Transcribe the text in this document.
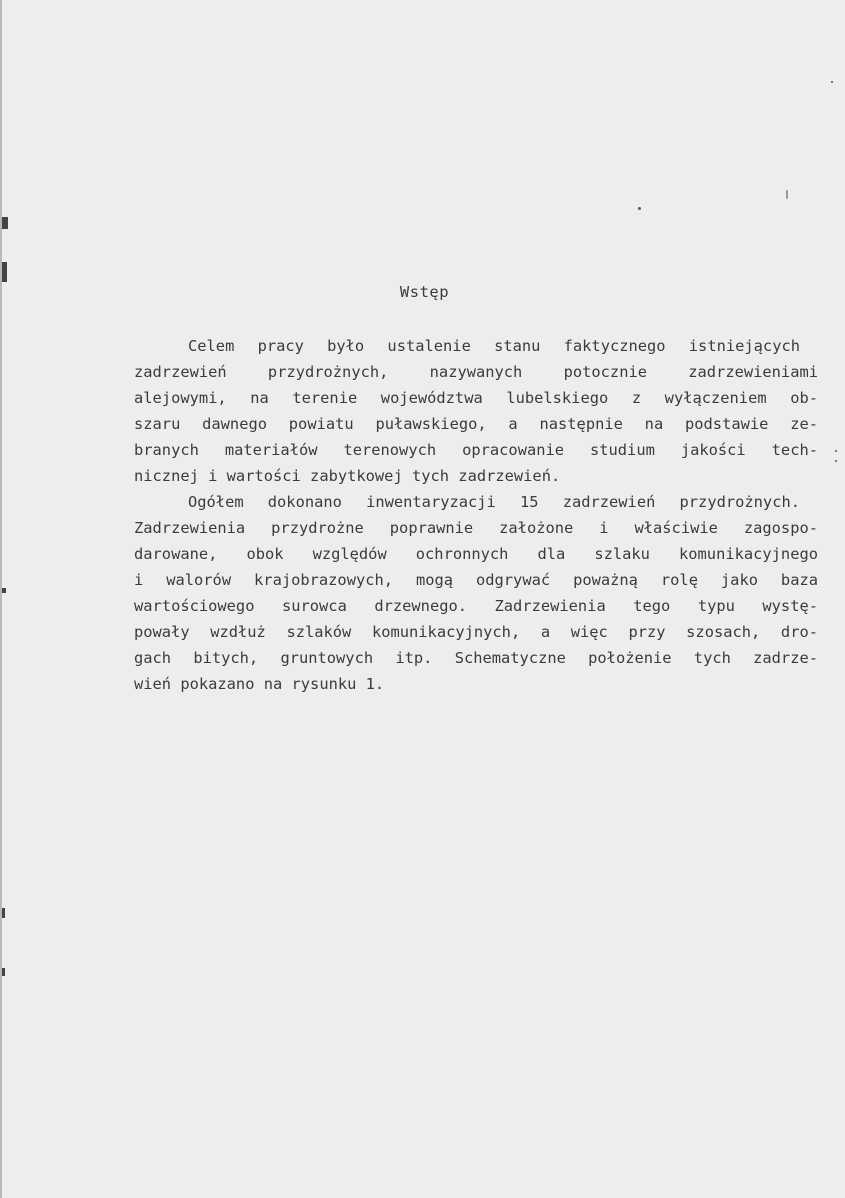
Wstęp
Celem pracy było ustalenie stanu faktycznego istniejących
zadrzewień przydrożnych, nazywanych potocznie zadrzewieniami
alejowymi, na terenie województwa lubelskiego z wyłączeniem ob-
szaru dawnego powiatu puławskiego, a następnie na podstawie ze-
branych materiałów terenowych opracowanie studium jakości tech-
nicznej i wartości zabytkowej tych zadrzewień.
Ogółem dokonano inwentaryzacji 15 zadrzewień przydrożnych.
Zadrzewienia przydrożne poprawnie założone i właściwie zagospo-
darowane, obok względów ochronnych dla szlaku komunikacyjnego
i walorów krajobrazowych, mogą odgrywać poważną rolę jako baza
wartościowego surowca drzewnego. Zadrzewienia tego typu wystę-
powały wzdłuż szlaków komunikacyjnych, a więc przy szosach, dro-
gach bitych, gruntowych itp. Schematyczne położenie tych zadrze-
wień pokazano na rysunku 1.
